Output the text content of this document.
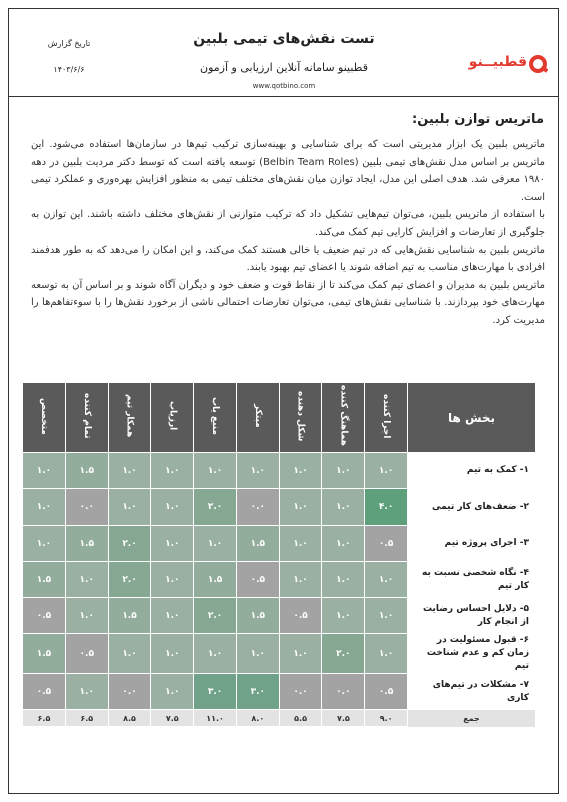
قطبیــنو
تست نقش‌های تیمی بلبین
قطبینو سامانه آنلاین ارزیابی و آزمون
www.qotbino.com
تاریخ گزارش
۱۴۰۳/۶/۶
ماتریس توازن بلبین:

ماتریس بلبین یک ابزار مدیریتی است که برای شناسایی و بهینه‌سازی ترکیب تیم‌ها در سازمان‌ها استفاده می‌شود. این ماتریس بر اساس مدل نقش‌های تیمی بلبین (Belbin Team Roles) توسعه یافته است که توسط دکتر مردیت بلبین در دهه ۱۹۸۰ معرفی شد. هدف اصلی این مدل، ایجاد توازن میان نقش‌های مختلف تیمی به منظور افزایش بهره‌وری و عملکرد تیمی است.

با استفاده از ماتریس بلبین، می‌توان تیم‌هایی تشکیل داد که ترکیب متوازنی از نقش‌های مختلف داشته باشند. این توازن به جلوگیری از تعارضات و افزایش کارایی تیم کمک می‌کند.

ماتریس بلبین به شناسایی نقش‌هایی که در تیم ضعیف یا خالی هستند کمک می‌کند، و این امکان را می‌دهد که به طور هدفمند افرادی با مهارت‌های مناسب به تیم اضافه شوند یا اعضای تیم بهبود یابند.

ماتریس بلبین به مدیران و اعضای تیم کمک می‌کند تا از نقاط قوت و ضعف خود و دیگران آگاه شوند و بر اساس آن به توسعه مهارت‌های خود بپردازند. با شناسایی نقش‌های تیمی، می‌توان تعارضات احتمالی ناشی از برخورد نقش‌ها را با سوءتفاهم‌ها را مدیریت کرد.

بخش ها	اجرا کننده	هماهنگ کننده	شکل دهنده	مبتکر	منبع یاب	ارزیاب	همکار تیم	تمام کننده	متخصص
۱- کمک به تیم	۱.۰	۱.۰	۱.۰	۱.۰	۱.۰	۱.۰	۱.۰	۱.۵	۱.۰
۲- ضعف‌های کار تیمی	۴.۰	۱.۰	۱.۰	۰.۰	۲.۰	۱.۰	۱.۰	۰.۰	۱.۰
۳- اجرای پروژه تیم	۰.۵	۱.۰	۱.۰	۱.۵	۱.۰	۱.۰	۲.۰	۱.۵	۱.۰
۴- نگاه شخصی نسبت به کار تیم	۱.۰	۱.۰	۱.۰	۰.۵	۱.۵	۱.۰	۲.۰	۱.۰	۱.۵
۵- دلایل احساس رضایت از انجام کار	۱.۰	۱.۰	۰.۵	۱.۵	۲.۰	۱.۰	۱.۵	۱.۰	۰.۵
۶- قبول مسئولیت در زمان کم و عدم شناخت تیم	۱.۰	۲.۰	۱.۰	۱.۰	۱.۰	۱.۰	۱.۰	۰.۵	۱.۵
۷- مشکلات در تیم‌های کاری	۰.۵	۰.۰	۰.۰	۳.۰	۳.۰	۱.۰	۰.۰	۱.۰	۰.۵
جمع	۹.۰	۷.۵	۵.۵	۸.۰	۱۱.۰	۷.۵	۸.۵	۶.۵	۶.۵
